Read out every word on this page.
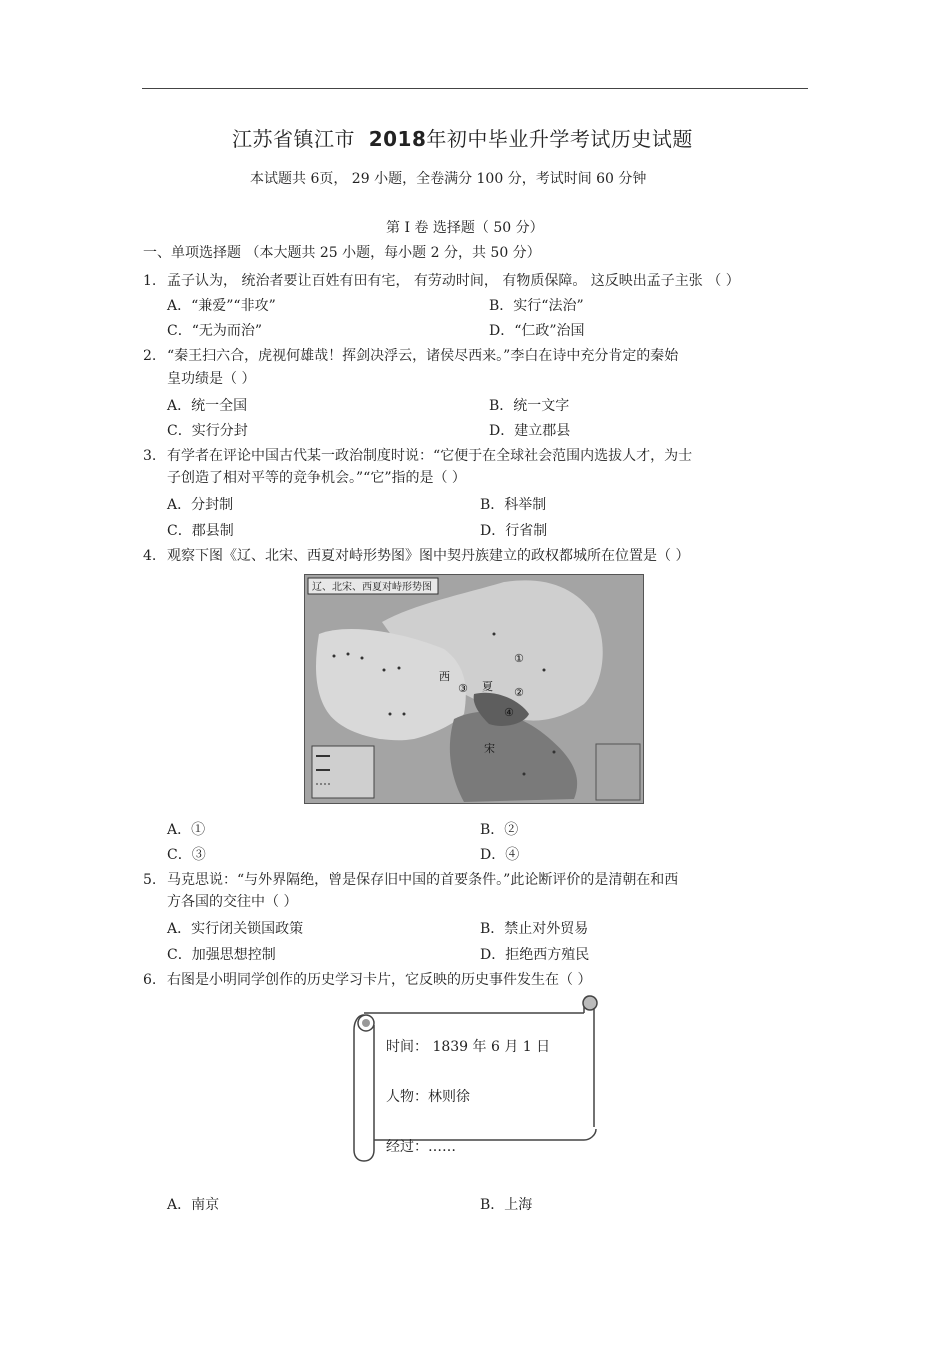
江苏省镇江市 2018年初中毕业升学考试历史试题
本试题共 6页， 29 小题，全卷满分 100 分，考试时间 60 分钟
第 I 卷 选择题（ 50 分）
一、单项选择题 （本大题共 25 小题，每小题 2 分，共 50 分）
1. 孟子认为， 统治者要让百姓有田有宅， 有劳动时间， 有物质保障。 这反映出孟子主张 （ ）
A．“兼爱”“非攻”	B．实行“法治”
C．“无为而治”	D．“仁政”治国
2. “秦王扫六合，虎视何雄哉！挥剑决浮云，诸侯尽西来。”李白在诗中充分肯定的秦始
皇功绩是（ ）
A．统一全国	B．统一文字
C．实行分封	D．建立郡县
3. 有学者在评论中国古代某一政治制度时说：“它便于在全球社会范围内选拔人才，为士
子创造了相对平等的竞争机会。”“它”指的是（ ）
A．分封制	B．科举制
C．郡县制	D．行省制
4. 观察下图《辽、北宋、西夏对峙形势图》图中契丹族建立的政权都城所在位置是（ ）
辽、北宋、西夏对峙形势图
西
夏
宋
①
②
③
④
A．①	B．②
C．③	D．④
5. 马克思说：“与外界隔绝，曾是保存旧中国的首要条件。”此论断评价的是清朝在和西
方各国的交往中（ ）
A．实行闭关锁国政策	B．禁止对外贸易
C．加强思想控制	D．拒绝西方殖民
6. 右图是小明同学创作的历史学习卡片，它反映的历史事件发生在（ ）
时间： 1839 年 6 月 1 日
人物：林则徐
经过：……
A．南京	B．上海
